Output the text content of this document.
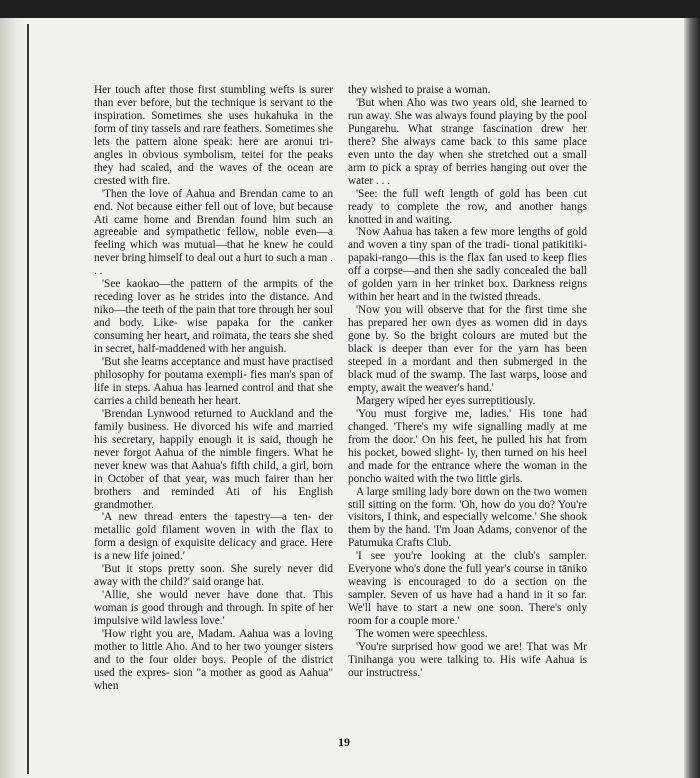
Her touch after those first stumbling wefts is surer than ever before, but the technique is servant to the inspiration. Sometimes she uses hukahuka in the form of tiny tassels and rare feathers. Sometimes she lets the pattern alone speak: here are aronui tri- angles in obvious symbolism, teitei for the peaks they had scaled, and the waves of the ocean are crested with fire.

'Then the love of Aahua and Brendan came to an end. Not because either fell out of love, but because Ati came home and Brendan found him such an agreeable and sympathetic fellow, noble even—a feeling which was mutual—that he knew he could never bring himself to deal out a hurt to such a man . . .

'See kaokao—the pattern of the armpits of the receding lover as he strides into the distance. And niko—the teeth of the pain that tore through her soul and body. Like- wise papaka for the canker consuming her heart, and roimata, the tears she shed in secret, half-maddened with her anguish.

'But she learns acceptance and must have practised philosophy for poutama exempli- fies man's span of life in steps. Aahua has learned control and that she carries a child beneath her heart.

'Brendan Lynwood returned to Auckland and the family business. He divorced his wife and married his secretary, happily enough it is said, though he never forgot Aahua of the nimble fingers. What he never knew was that Aahua's fifth child, a girl, born in October of that year, was much fairer than her brothers and reminded Ati of his English grandmother.

'A new thread enters the tapestry—a ten- der metallic gold filament woven in with the flax to form a design of exquisite delicacy and grace. Here is a new life joined.'

'But it stops pretty soon. She surely never did away with the child?' said orange hat.

'Allie, she would never have done that. This woman is good through and through. In spite of her impulsive wild lawless love.'

'How right you are, Madam. Aahua was a loving mother to little Aho. And to her two younger sisters and to the four older boys. People of the district used the expres- sion "a mother as good as Aahua" when

they wished to praise a woman.

'But when Aho was two years old, she learned to run away. She was always found playing by the pool Pungarehu. What strange fascination drew her there? She always came back to this same place even unto the day when she stretched out a small arm to pick a spray of berries hanging out over the water . . .

'See: the full weft length of gold has been cut ready to complete the row, and another hangs knotted in and waiting.

'Now Aahua has taken a few more lengths of gold and woven a tiny span of the tradi- tional patikitiki-papaki-rango—this is the flax fan used to keep flies off a corpse—and then she sadly concealed the ball of golden yarn in her trinket box. Darkness reigns within her heart and in the twisted threads.

'Now you will observe that for the first time she has prepared her own dyes as women did in days gone by. So the bright colours are muted but the black is deeper than ever for the yarn has been steeped in a mordant and then submerged in the black mud of the swamp. The last warps, loose and empty, await the weaver's hand.'

Margery wiped her eyes surreptitiously.

'You must forgive me, ladies.' His tone had changed. 'There's my wife signalling madly at me from the door.' On his feet, he pulled his hat from his pocket, bowed slight- ly, then turned on his heel and made for the entrance where the woman in the poncho waited with the two little girls.

A large smiling lady bore down on the two women still sitting on the form. 'Oh, how do you do? You're visitors, I think, and especially welcome.' She shook them by the hand. 'I'm Joan Adams, convenor of the Patumuka Crafts Club.

'I see you're looking at the club's sampler. Everyone who's done the full year's course in tāniko weaving is encouraged to do a section on the sampler. Seven of us have had a hand in it so far. We'll have to start a new one soon. There's only room for a couple more.'

The women were speechless.

'You're surprised how good we are! That was Mr Tinihanga you were talking to. His wife Aahua is our instructress.'

19
